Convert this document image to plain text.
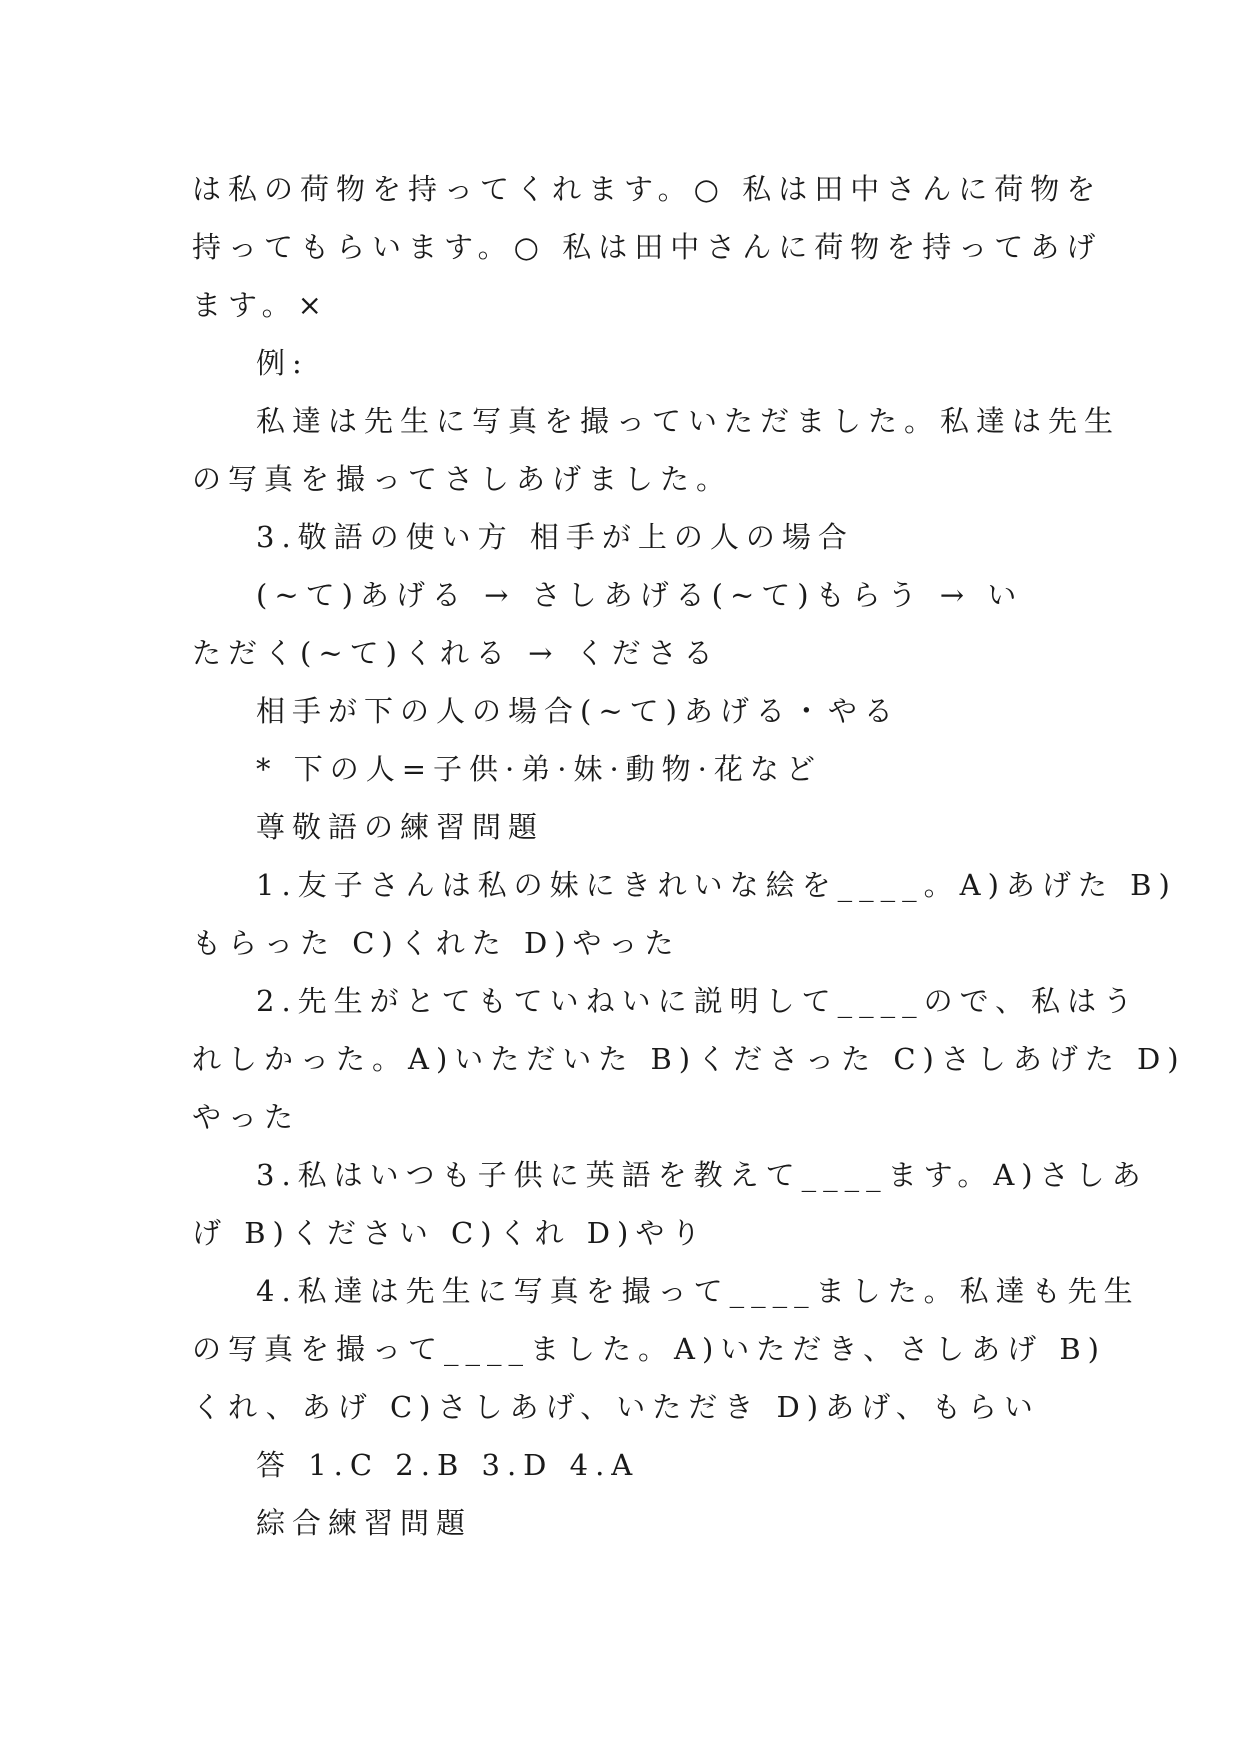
は私の荷物を持ってくれます。○ 私は田中さんに荷物を
持ってもらいます。○ 私は田中さんに荷物を持ってあげ
ます。×
例:
私達は先生に写真を撮っていただました。私達は先生
の写真を撮ってさしあげました。
3.敬語の使い方 相手が上の人の場合
(~て)あげる → さしあげる(~て)もらう → い
ただく(~て)くれる → くださる
相手が下の人の場合(~て)あげる・やる
* 下の人=子供·弟·妹·動物·花など
尊敬語の練習問題
1.友子さんは私の妹にきれいな絵を____。A)あげた B)
もらった C)くれた D)やった
2.先生がとてもていねいに説明して____ので、私はう
れしかった。A)いただいた B)くださった C)さしあげた D)
やった
3.私はいつも子供に英語を教えて____ます。A)さしあ
げ B)ください C)くれ D)やり
4.私達は先生に写真を撮って____ました。私達も先生
の写真を撮って____ました。A)いただき、さしあげ B)
くれ、あげ C)さしあげ、いただき D)あげ、もらい
答 1.C 2.B 3.D 4.A
綜合練習問題
